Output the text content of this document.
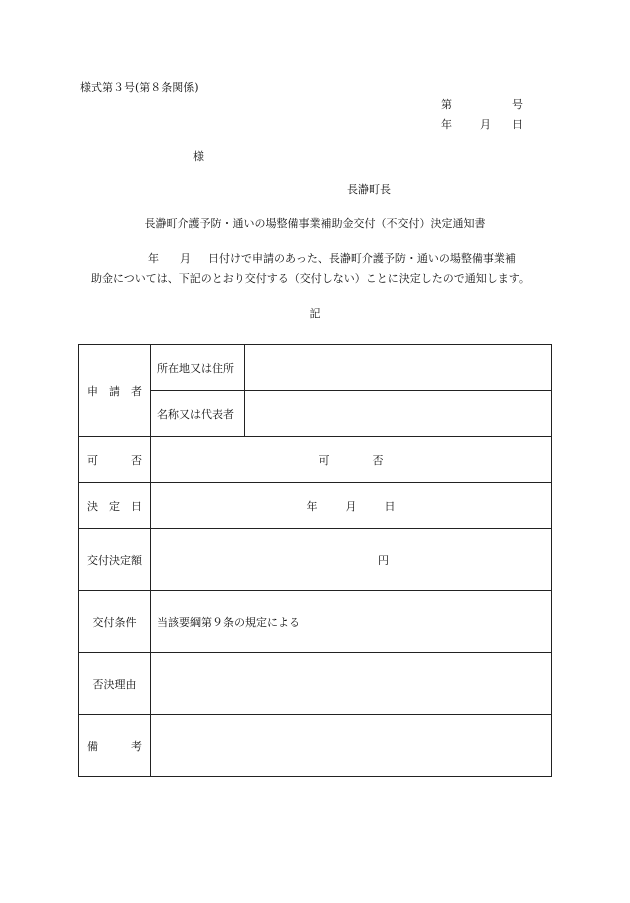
様式第３号(第８条関係)
第	号
年	月 日
様
長瀞町長
長瀞町介護予防・通いの場整備事業補助金交付（不交付）決定通知書
年 月 日付けで申請のあった、長瀞町介護予防・通いの場整備事業補
助金については、下記のとおり交付する（交付しない）ことに決定したので通知します。
記
申 請 者	所在地又は住所	
	名称又は代表者	

可 否	可 否	

決 定 日	年 月 日	

交付決定額	円	
交付条件	当該要綱第９条の規定による	
否決理由		

備 考		
